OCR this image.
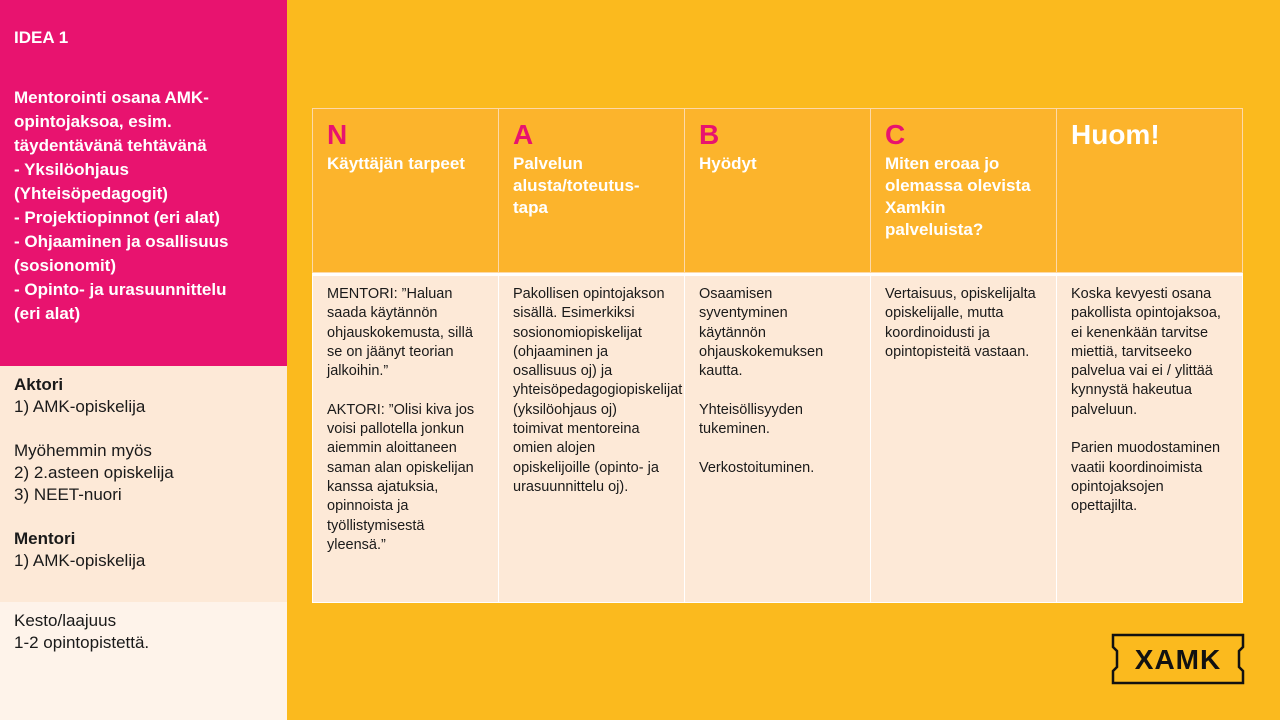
IDEA 1
Mentorointi osana AMK-
opintojaksoa, esim.
täydentävänä tehtävänä
- Yksilöohjaus
(Yhteisöpedagogit)
- Projektiopinnot (eri alat)
- Ohjaaminen ja osallisuus
(sosionomit)
- Opinto- ja urasuunnittelu
(eri alat)
Aktori
1) AMK-opiskelija
Myöhemmin myös
2) 2.asteen opiskelija
3) NEET-nuori
Mentori
1) AMK-opiskelija
Kesto/laajuus
1-2 opintopistettä.
N
Käyttäjän tarpeet
A
Palvelun alusta/toteutus-tapa
B
Hyödyt
C
Miten eroaa jo olemassa olevista Xamkin palveluista?
Huom!
MENTORI: ”Haluan saada käytännön ohjauskokemusta, sillä se on jäänyt teorian jalkoihin.”
AKTORI: ”Olisi kiva jos voisi pallotella jonkun aiemmin aloittaneen saman alan opiskelijan kanssa ajatuksia, opinnoista ja työllistymisestä yleensä.”
Pakollisen opintojakson sisällä. Esimerkiksi sosionomiopiskelijat (ohjaaminen ja osallisuus oj) ja yhteisöpedagogiopiskelijat (yksilöohjaus oj) toimivat mentoreina omien alojen opiskelijoille (opinto- ja urasuunnittelu oj).
Osaamisen syventyminen käytännön ohjauskokemuksen kautta.
Yhteisöllisyyden tukeminen.
Verkostoituminen.
Vertaisuus, opiskelijalta opiskelijalle, mutta koordinoidusti ja opintopisteitä vastaan.
Koska kevyesti osana pakollista opintojaksoa, ei kenenkään tarvitse miettiä, tarvitseeko palvelua vai ei / ylittää kynnystä hakeutua palveluun.
Parien muodostaminen vaatii koordinoimista opintojaksojen opettajilta.
XAMK
